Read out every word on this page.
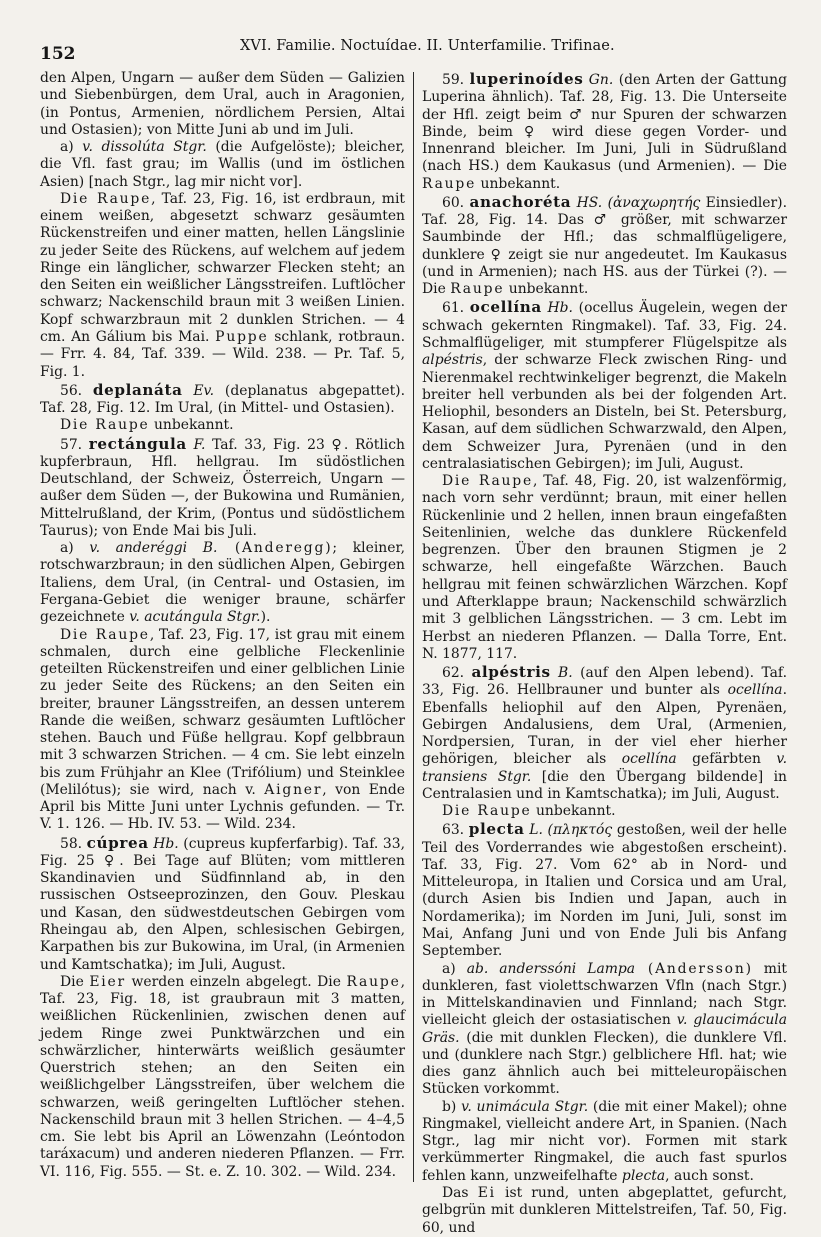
152	XVI. Familie. Noctuídae. II. Unterfamilie. Trifinae.

den Alpen, Ungarn — außer dem Süden — Galizien und Siebenbürgen, dem Ural, auch in Aragonien, (in Pontus, Armenien, nördlichem Persien, Altai und Ostasien); von Mitte Juni ab und im Juli.

a) v. dissolúta Stgr. (die Aufgelöste); bleicher, die Vfl. fast grau; im Wallis (und im östlichen Asien) [nach Stgr., lag mir nicht vor].

Die Raupe, Taf. 23, Fig. 16, ist erdbraun, mit einem weißen, abgesetzt schwarz gesäumten Rückenstreifen und einer matten, hellen Längslinie zu jeder Seite des Rückens, auf welchem auf jedem Ringe ein länglicher, schwarzer Flecken steht; an den Seiten ein weißlicher Längsstreifen. Luftlöcher schwarz; Nackenschild braun mit 3 weißen Linien. Kopf schwarzbraun mit 2 dunklen Strichen. — 4 cm. An Gálium bis Mai. Puppe schlank, rotbraun. — Frr. 4. 84, Taf. 339. — Wild. 238. — Pr. Taf. 5, Fig. 1.

56. deplanáta Ev. (deplanatus abgepattet). Taf. 28, Fig. 12. Im Ural, (in Mittel- und Ostasien).

Die Raupe unbekannt.

57. rectángula F. Taf. 33, Fig. 23 ♀. Rötlich kupferbraun, Hfl. hellgrau. Im südöstlichen Deutschland, der Schweiz, Österreich, Ungarn — außer dem Süden —, der Bukowina und Rumänien, Mittelrußland, der Krim, (Pontus und südöstlichem Taurus); von Ende Mai bis Juli.

a) v. anderéggi B. (Anderegg); kleiner, rotschwarzbraun; in den südlichen Alpen, Gebirgen Italiens, dem Ural, (in Central- und Ostasien, im Fergana-Gebiet die weniger braune, schärfer gezeichnete v. acutángula Stgr.).

Die Raupe, Taf. 23, Fig. 17, ist grau mit einem schmalen, durch eine gelbliche Fleckenlinie geteilten Rückenstreifen und einer gelblichen Linie zu jeder Seite des Rückens; an den Seiten ein breiter, brauner Längsstreifen, an dessen unterem Rande die weißen, schwarz gesäumten Luftlöcher stehen. Bauch und Füße hellgrau. Kopf gelbbraun mit 3 schwarzen Strichen. — 4 cm. Sie lebt einzeln bis zum Frühjahr an Klee (Trifólium) und Steinklee (Melilótus); sie wird, nach v. Aigner, von Ende April bis Mitte Juni unter Lychnis gefunden. — Tr. V. 1. 126. — Hb. IV. 53. — Wild. 234.

58. cúprea Hb. (cupreus kupferfarbig). Taf. 33, Fig. 25 ♀. Bei Tage auf Blüten; vom mittleren Skandinavien und Südfinnland ab, in den russischen Ostseeprozinzen, den Gouv. Pleskau und Kasan, den südwestdeutschen Gebirgen vom Rheingau ab, den Alpen, schlesischen Gebirgen, Karpathen bis zur Bukowina, im Ural, (in Armenien und Kamtschatka); im Juli, August.

Die Eier werden einzeln abgelegt. Die Raupe, Taf. 23, Fig. 18, ist graubraun mit 3 matten, weißlichen Rückenlinien, zwischen denen auf jedem Ringe zwei Punktwärzchen und ein schwärzlicher, hinterwärts weißlich gesäumter Querstrich stehen; an den Seiten ein weißlichgelber Längsstreifen, über welchem die schwarzen, weiß geringelten Luftlöcher stehen. Nackenschild braun mit 3 hellen Strichen. — 4–4,5 cm. Sie lebt bis April an Löwenzahn (Leóntodon taráxacum) und anderen niederen Pflanzen. — Frr. VI. 116, Fig. 555. — St. e. Z. 10. 302. — Wild. 234.

59. luperinoídes Gn. (den Arten der Gattung Luperina ähnlich). Taf. 28, Fig. 13. Die Unterseite der Hfl. zeigt beim ♂ nur Spuren der schwarzen Binde, beim ♀ wird diese gegen Vorder- und Innenrand bleicher. Im Juni, Juli in Südrußland (nach HS.) dem Kaukasus (und Armenien). — Die Raupe unbekannt.

60. anachoréta HS. (ἀναχωρητής Einsiedler). Taf. 28, Fig. 14. Das ♂ größer, mit schwarzer Saumbinde der Hfl.; das schmalflügeligere, dunklere ♀ zeigt sie nur angedeutet. Im Kaukasus (und in Armenien); nach HS. aus der Türkei (?). — Die Raupe unbekannt.

61. ocellína Hb. (ocellus Äugelein, wegen der schwach gekernten Ringmakel). Taf. 33, Fig. 24. Schmalflügeliger, mit stumpferer Flügelspitze als alpéstris, der schwarze Fleck zwischen Ring- und Nierenmakel rechtwinkeliger begrenzt, die Makeln breiter hell verbunden als bei der folgenden Art. Heliophil, besonders an Disteln, bei St. Petersburg, Kasan, auf dem südlichen Schwarzwald, den Alpen, dem Schweizer Jura, Pyrenäen (und in den centralasiatischen Gebirgen); im Juli, August.

Die Raupe, Taf. 48, Fig. 20, ist walzenförmig, nach vorn sehr verdünnt; braun, mit einer hellen Rückenlinie und 2 hellen, innen braun eingefaßten Seitenlinien, welche das dunklere Rückenfeld begrenzen. Über den braunen Stigmen je 2 schwarze, hell eingefaßte Wärzchen. Bauch hellgrau mit feinen schwärzlichen Wärzchen. Kopf und Afterklappe braun; Nackenschild schwärzlich mit 3 gelblichen Längsstrichen. — 3 cm. Lebt im Herbst an niederen Pflanzen. — Dalla Torre, Ent. N. 1877, 117.

62. alpéstris B. (auf den Alpen lebend). Taf. 33, Fig. 26. Hellbrauner und bunter als ocellína. Ebenfalls heliophil auf den Alpen, Pyrenäen, Gebirgen Andalusiens, dem Ural, (Armenien, Nordpersien, Turan, in der viel eher hierher gehörigen, bleicher als ocellína gefärbten v. transiens Stgr. [die den Übergang bildende] in Centralasien und in Kamtschatka); im Juli, August.

Die Raupe unbekannt.

63. plecta L. (πληκτός gestoßen, weil der helle Teil des Vorderrandes wie abgestoßen erscheint). Taf. 33, Fig. 27. Vom 62° ab in Nord- und Mitteleuropa, in Italien und Corsica und am Ural, (durch Asien bis Indien und Japan, auch in Nordamerika); im Norden im Juni, Juli, sonst im Mai, Anfang Juni und von Ende Juli bis Anfang September.

a) ab. anderssóni Lampa (Andersson) mit dunkleren, fast violettschwarzen Vfln (nach Stgr.) in Mittelskandinavien und Finnland; nach Stgr. vielleicht gleich der ostasiatischen v. glaucimácula Gräs. (die mit dunklen Flecken), die dunklere Vfl. und (dunklere nach Stgr.) gelblichere Hfl. hat; wie dies ganz ähnlich auch bei mitteleuropäischen Stücken vorkommt.

b) v. unimácula Stgr. (die mit einer Makel); ohne Ringmakel, vielleicht andere Art, in Spanien. (Nach Stgr., lag mir nicht vor). Formen mit stark verkümmerter Ringmakel, die auch fast spurlos fehlen kann, unzweifelhafte plecta, auch sonst.

Das Ei ist rund, unten abgeplattet, gefurcht, gelbgrün mit dunkleren Mittelstreifen, Taf. 50, Fig. 60, und
